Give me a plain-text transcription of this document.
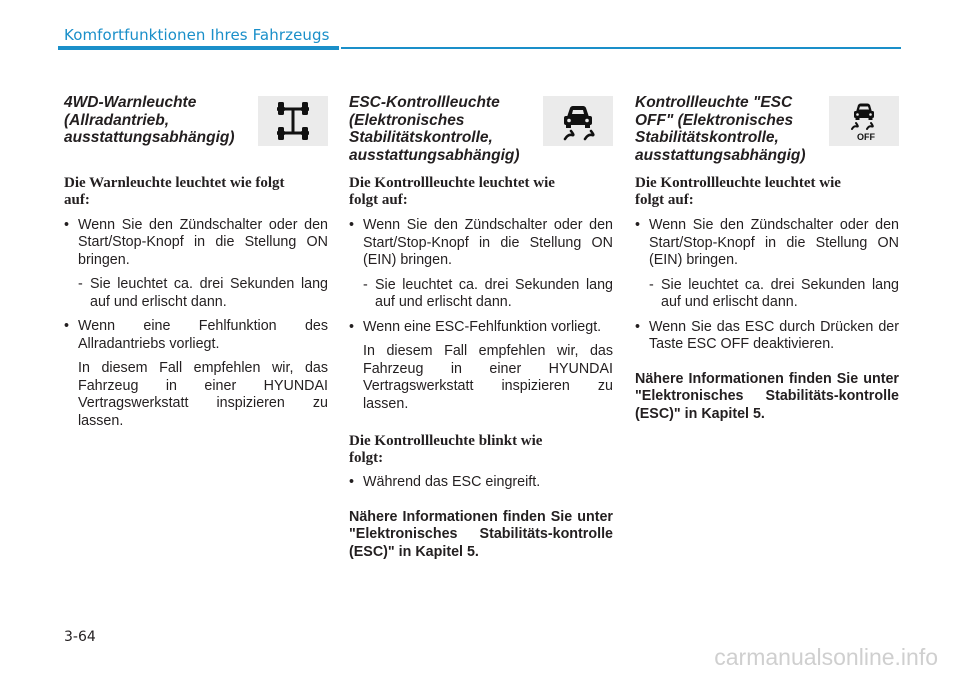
Komfortfunktionen Ihres Fahrzeugs
4WD-Warnleuchte (Allradantrieb, ausstattungsabhängig)
Die Warnleuchte leuchtet wie folgt auf:
• Wenn Sie den Zündschalter oder den Start/Stop-Knopf in die Stellung ON bringen.
- Sie leuchtet ca. drei Sekunden lang auf und erlischt dann.
• Wenn eine Fehlfunktion des Allradantriebs vorliegt.
In diesem Fall empfehlen wir, das Fahrzeug in einer HYUNDAI Vertragswerkstatt inspizieren zu lassen.
ESC-Kontrollleuchte (Elektronisches Stabilitätskontrolle, ausstattungsabhängig)
Die Kontrollleuchte leuchtet wie folgt auf:
• Wenn Sie den Zündschalter oder den Start/Stop-Knopf in die Stellung ON (EIN) bringen.
- Sie leuchtet ca. drei Sekunden lang auf und erlischt dann.
• Wenn eine ESC-Fehlfunktion vorliegt.
In diesem Fall empfehlen wir, das Fahrzeug in einer HYUNDAI Vertragswerkstatt inspizieren zu lassen.
Die Kontrollleuchte blinkt wie folgt:
• Während das ESC eingreift.
Nähere Informationen finden Sie unter "Elektronisches Stabilitäts-kontrolle (ESC)" in Kapitel 5.
Kontrollleuchte "ESC OFF" (Elektronisches Stabilitätskontrolle, ausstattungsabhängig)
OFF
Die Kontrollleuchte leuchtet wie folgt auf:
• Wenn Sie den Zündschalter oder den Start/Stop-Knopf in die Stellung ON (EIN) bringen.
- Sie leuchtet ca. drei Sekunden lang auf und erlischt dann.
• Wenn Sie das ESC durch Drücken der Taste ESC OFF deaktivieren.
Nähere Informationen finden Sie unter "Elektronisches Stabilitäts-kontrolle (ESC)" in Kapitel 5.
3-64
carmanualsonline.info
